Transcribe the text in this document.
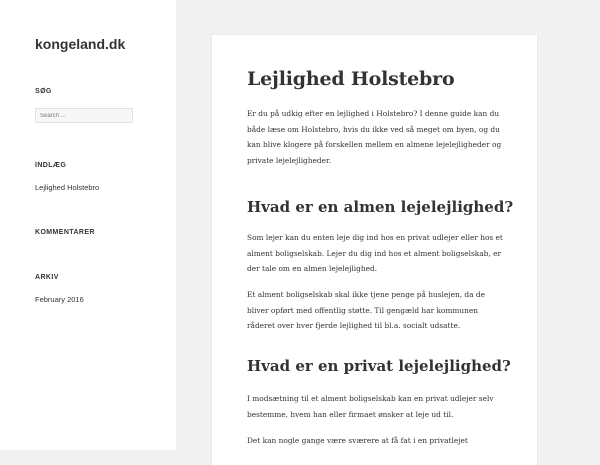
kongeland.dk
SØG
Search ...
INDLÆG
Lejlighed Holstebro
KOMMENTARER
ARKIV
February 2016
Lejlighed Holstebro

Er du på udkig efter en lejlighed i Holstebro? I denne guide kan du både læse om Holstebro, hvis du ikke ved så meget om byen, og du kan blive klogere på forskellen mellem en almene lejelejligheder og private lejelejligheder.

Hvad er en almen lejelejlighed?

Som lejer kan du enten leje dig ind hos en privat udlejer eller hos et alment boligselskab. Lejer du dig ind hos et alment boligselskab, er der tale om en almen lejelejlighed.

Et alment boligselskab skal ikke tjene penge på huslejen, da de bliver opført med offentlig støtte. Til gengæld har kommunen råderet over hver fjerde lejlighed til bl.a. socialt udsatte.

Hvad er en privat lejelejlighed?

I modsætning til et alment boligselskab kan en privat udlejer selv bestemme, hvem han eller firmaet ønsker at leje ud til.

Det kan nogle gange være sværere at få fat i en privatlejet
